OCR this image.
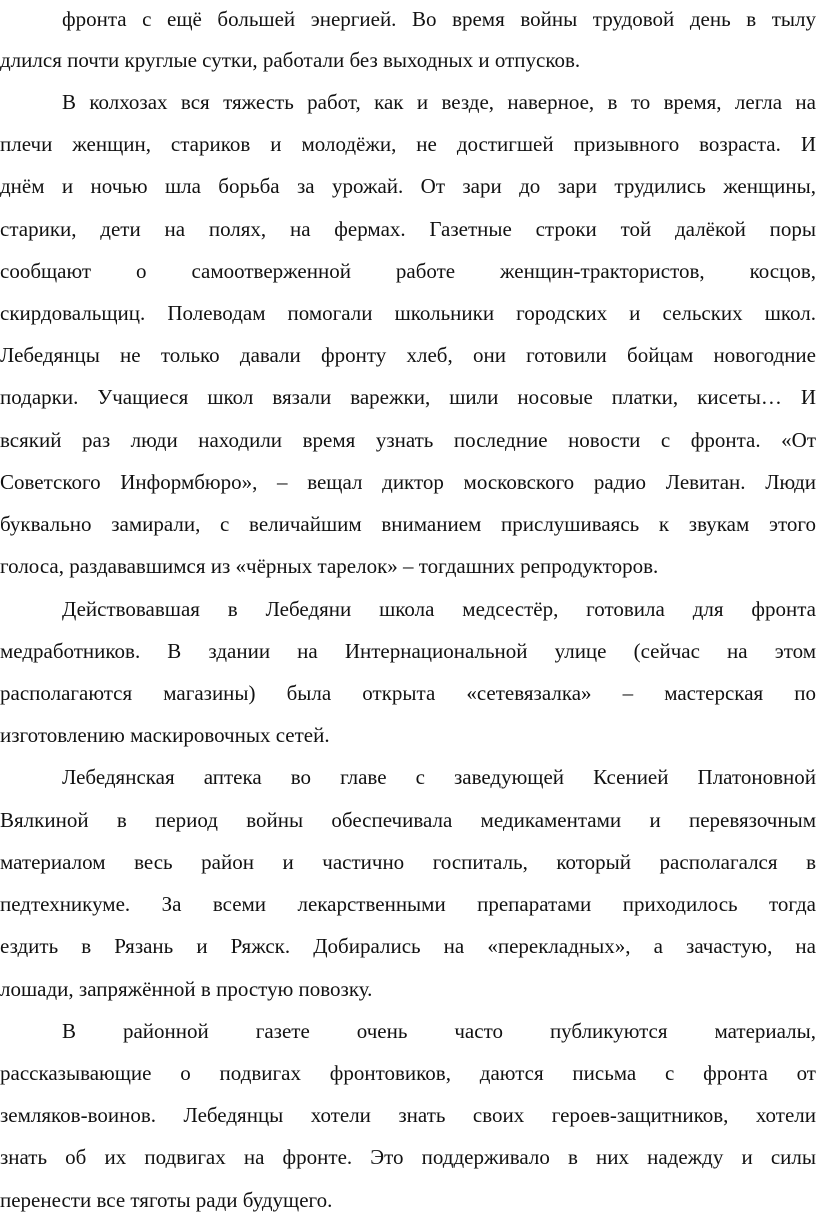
фронта с ещё большей энергией. Во время войны трудовой день в тылу
длился почти круглые сутки, работали без выходных и отпусков.
В колхозах вся тяжесть работ, как и везде, наверное, в то время, легла на
плечи женщин, стариков и молодёжи, не достигшей призывного возраста. И
днём и ночью шла борьба за урожай. От зари до зари трудились женщины,
старики, дети на полях, на фермах. Газетные строки той далёкой поры
сообщают о самоотверженной работе женщин-трактористов, косцов,
скирдовальщиц. Полеводам помогали школьники городских и сельских школ.
Лебедянцы не только давали фронту хлеб, они готовили бойцам новогодние
подарки. Учащиеся школ вязали варежки, шили носовые платки, кисеты… И
всякий раз люди находили время узнать последние новости с фронта. «От
Советского Информбюро», – вещал диктор московского радио Левитан. Люди
буквально замирали, с величайшим вниманием прислушиваясь к звукам этого
голоса, раздававшимся из «чёрных тарелок» – тогдашних репродукторов.
Действовавшая в Лебедяни школа медсестёр, готовила для фронта
медработников. В здании на Интернациональной улице (сейчас на этом
располагаются магазины) была открыта «сетевязалка» – мастерская по
изготовлению маскировочных сетей.
Лебедянская аптека во главе с заведующей Ксенией Платоновной
Вялкиной в период войны обеспечивала медикаментами и перевязочным
материалом весь район и частично госпиталь, который располагался в
педтехникуме. За всеми лекарственными препаратами приходилось тогда
ездить в Рязань и Ряжск. Добирались на «перекладных», а зачастую, на
лошади, запряжённой в простую повозку.
В районной газете очень часто публикуются материалы,
рассказывающие о подвигах фронтовиков, даются письма с фронта от
земляков-воинов. Лебедянцы хотели знать своих героев-защитников, хотели
знать об их подвигах на фронте. Это поддерживало в них надежду и силы
перенести все тяготы ради будущего.
